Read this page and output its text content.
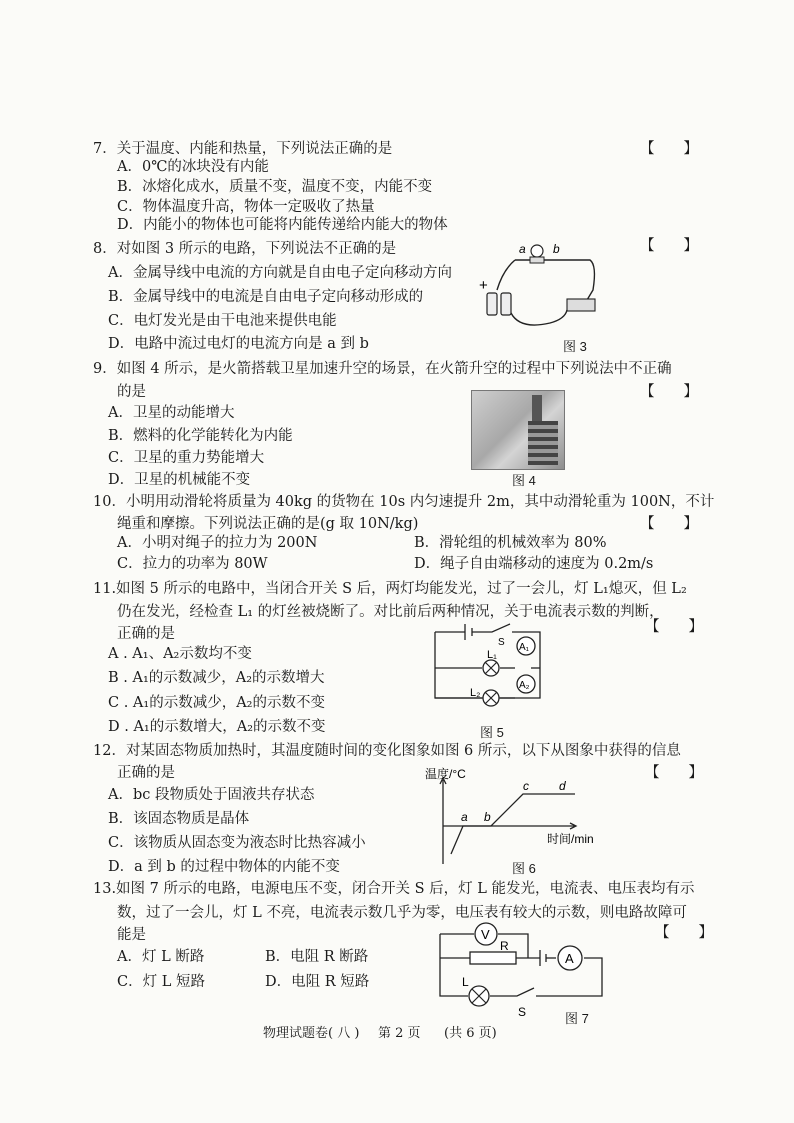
7．关于温度、内能和热量，下列说法正确的是	【　　】
A．0℃的冰块没有内能
B．冰熔化成水，质量不变，温度不变，内能不变
C．物体温度升高，物体一定吸收了热量
D．内能小的物体也可能将内能传递给内能大的物体
8．对如图 3 所示的电路，下列说法不正确的是	【　　】
A．金属导线中电流的方向就是自由电子定向移动方向
B．金属导线中的电流是自由电子定向移动形成的
C．电灯发光是由干电池来提供电能
D．电路中流过电灯的电流方向是 a 到 b
a b
+
图 3
9．如图 4 所示，是火箭搭载卫星加速升空的场景，在火箭升空的过程中下列说法中不正确
的是	【　　】
A．卫星的动能增大
B．燃料的化学能转化为内能
C．卫星的重力势能增大
D．卫星的机械能不变	图 4
10．小明用动滑轮将质量为 40kg 的货物在 10s 内匀速提升 2m，其中动滑轮重为 100N，不计
绳重和摩擦。下列说法正确的是(g 取 10N/kg)	【　　】
A．小明对绳子的拉力为 200N	B．滑轮组的机械效率为 80%
C．拉力的功率为 80W	D．绳子自由端移动的速度为 0.2m/s
11.如图 5 所示的电路中，当闭合开关 S 后，两灯均能发光，过了一会儿，灯 L₁熄灭，但 L₂
仍在发光，经检查 L₁ 的灯丝被烧断了。对比前后两种情况，关于电流表示数的判断，
正确的是	【　　】
A . A₁、A₂示数均不变
B . A₁的示数减少，A₂的示数增大
C . A₁的示数减少，A₂的示数不变
D . A₁的示数增大，A₂的示数不变
S
L₁
L₂
A₁
A₂
图 5
12．对某固态物质加热时，其温度随时间的变化图象如图 6 所示，以下从图象中获得的信息
正确的是	【　　】
A．bc 段物质处于固液共存状态
B．该固态物质是晶体
C．该物质从固态变为液态时比热容减小
D．a 到 b 的过程中物体的内能不变
温度/°C
时间/min
a b
c	d
图 6
13.如图 7 所示的电路，电源电压不变，闭合开关 S 后，灯 L 能发光，电流表、电压表均有示
数，过了一会儿，灯 L 不亮，电流表示数几乎为零，电压表有较大的示数，则电路故障可
能是	【　　】
A．灯 L 断路	B．电阻 R 断路
C．灯 L 短路	D．电阻 R 短路
V
R
A
L
S	图 7
物理试题卷( 八 ) 第 2 页 (共 6 页)
